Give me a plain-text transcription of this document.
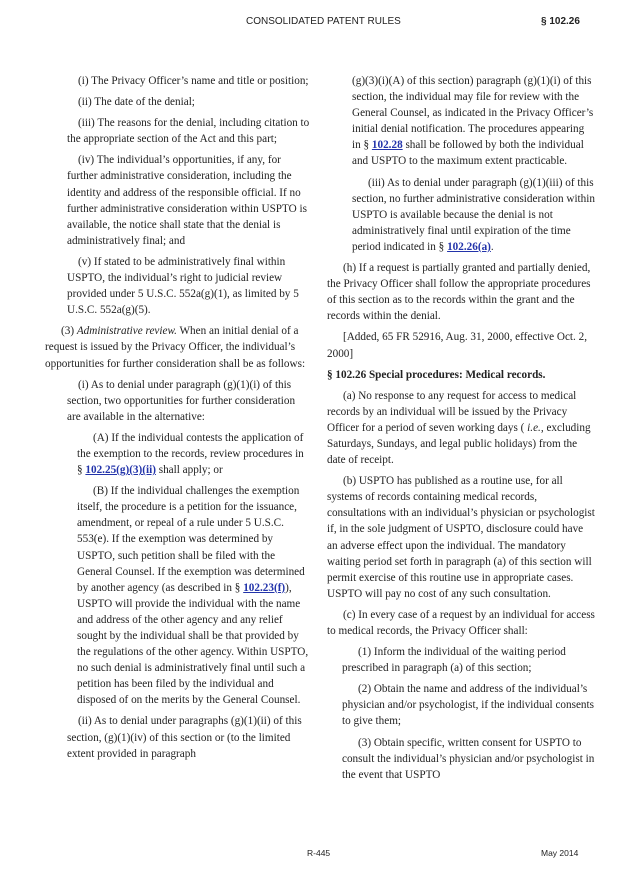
CONSOLIDATED PATENT RULES	§ 102.26

(i) The Privacy Officer’s name and title or position;

(ii) The date of the denial;

(iii) The reasons for the denial, including citation to the appropriate section of the Act and this part;

(iv) The individual’s opportunities, if any, for further administrative consideration, including the identity and address of the responsible official. If no further administrative consideration within USPTO is available, the notice shall state that the denial is administratively final; and

(v) If stated to be administratively final within USPTO, the individual’s right to judicial review provided under 5 U.S.C. 552a(g)(1), as limited by 5 U.S.C. 552a(g)(5).

(3) Administrative review. When an initial denial of a request is issued by the Privacy Officer, the individual’s opportunities for further consideration shall be as follows:

(i) As to denial under paragraph (g)(1)(i) of this section, two opportunities for further consideration are available in the alternative:

(A) If the individual contests the application of the exemption to the records, review procedures in § 102.25(g)(3)(ii) shall apply; or

(B) If the individual challenges the exemption itself, the procedure is a petition for the issuance, amendment, or repeal of a rule under 5 U.S.C. 553(e). If the exemption was determined by USPTO, such petition shall be filed with the General Counsel. If the exemption was determined by another agency (as described in § 102.23(f)), USPTO will provide the individual with the name and address of the other agency and any relief sought by the individual shall be that provided by the regulations of the other agency. Within USPTO, no such denial is administratively final until such a petition has been filed by the individual and disposed of on the merits by the General Counsel.

(ii) As to denial under paragraphs (g)(1)(ii) of this section, (g)(1)(iv) of this section or (to the limited extent provided in paragraph

(g)(3)(i)(A) of this section) paragraph (g)(1)(i) of this section, the individual may file for review with the General Counsel, as indicated in the Privacy Officer’s initial denial notification. The procedures appearing in § 102.28 shall be followed by both the individual and USPTO to the maximum extent practicable.

(iii) As to denial under paragraph (g)(1)(iii) of this section, no further administrative consideration within USPTO is available because the denial is not administratively final until expiration of the time period indicated in § 102.26(a).

(h) If a request is partially granted and partially denied, the Privacy Officer shall follow the appropriate procedures of this section as to the records within the grant and the records within the denial.

[Added, 65 FR 52916, Aug. 31, 2000, effective Oct. 2, 2000]

§ 102.26 Special procedures: Medical records.

(a) No response to any request for access to medical records by an individual will be issued by the Privacy Officer for a period of seven working days ( i.e., excluding Saturdays, Sundays, and legal public holidays) from the date of receipt.

(b) USPTO has published as a routine use, for all systems of records containing medical records, consultations with an individual’s physician or psychologist if, in the sole judgment of USPTO, disclosure could have an adverse effect upon the individual. The mandatory waiting period set forth in paragraph (a) of this section will permit exercise of this routine use in appropriate cases. USPTO will pay no cost of any such consultation.

(c) In every case of a request by an individual for access to medical records, the Privacy Officer shall:

(1) Inform the individual of the waiting period prescribed in paragraph (a) of this section;

(2) Obtain the name and address of the individual’s physician and/or psychologist, if the individual consents to give them;

(3) Obtain specific, written consent for USPTO to consult the individual’s physician and/or psychologist in the event that USPTO

R-445	May 2014
